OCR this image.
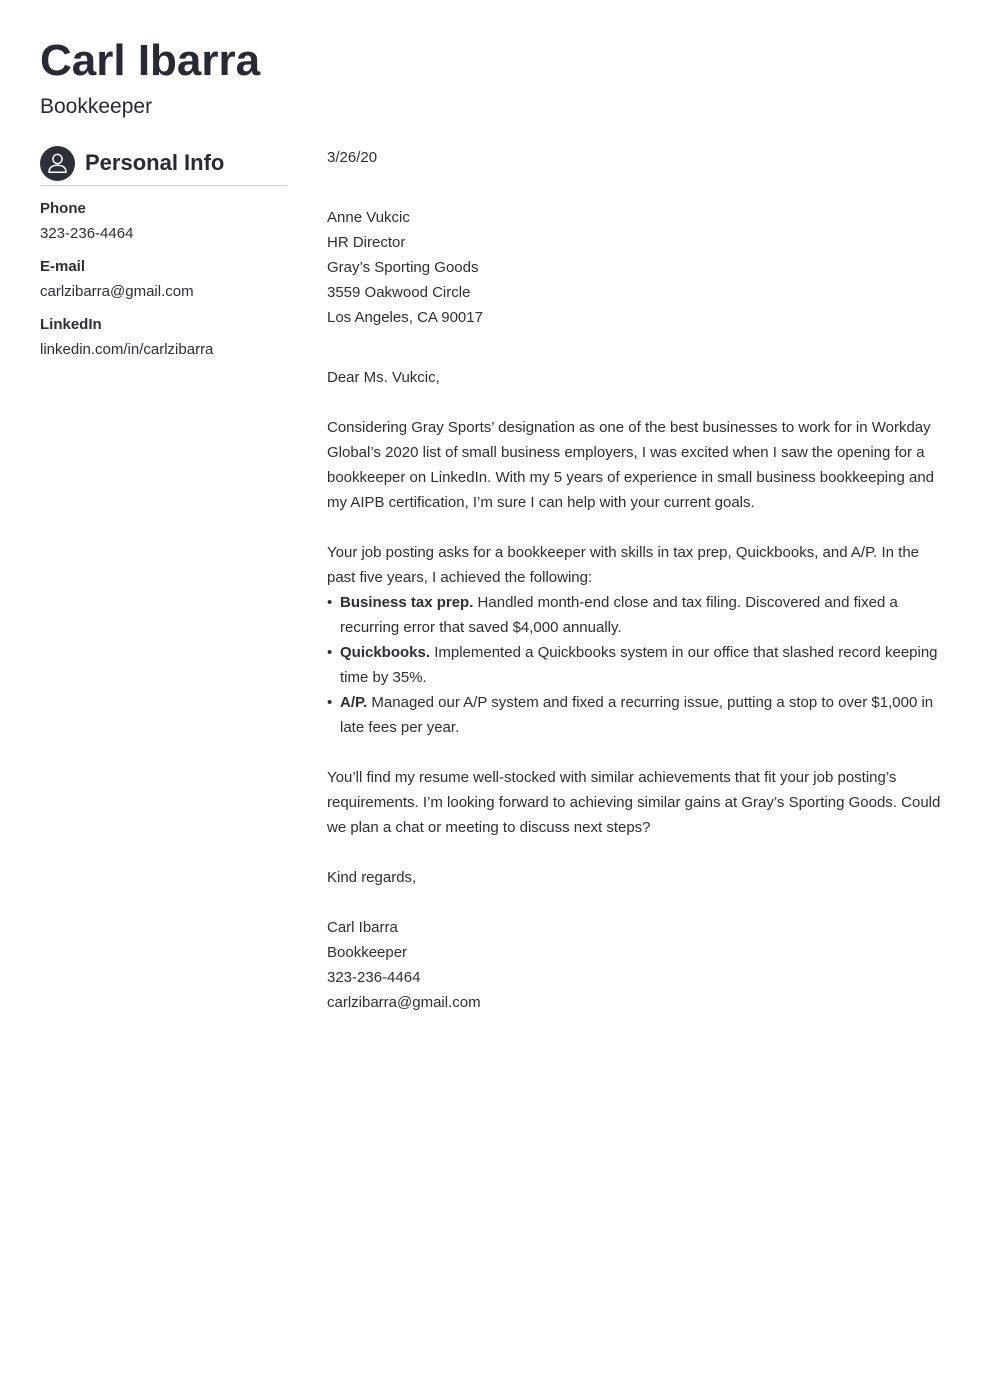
Carl Ibarra
Bookkeeper
Personal Info
Phone
323-236-4464
E-mail
carlzibarra@gmail.com
LinkedIn
linkedin.com/in/carlzibarra
3/26/20
Anne Vukcic
HR Director
Gray’s Sporting Goods
3559 Oakwood Circle
Los Angeles, CA 90017
Dear Ms. Vukcic,

Considering Gray Sports’ designation as one of the best businesses to work for in Workday Global’s 2020 list of small business employers, I was excited when I saw the opening for a bookkeeper on LinkedIn. With my 5 years of experience in small business bookkeeping and my AIPB certification, I’m sure I can help with your current goals.

Your job posting asks for a bookkeeper with skills in tax prep, Quickbooks, and A/P. In the past five years, I achieved the following:

• Business tax prep. Handled month-end close and tax filing. Discovered and fixed a recurring error that saved $4,000 annually.
• Quickbooks. Implemented a Quickbooks system in our office that slashed record keeping time by 35%.
• A/P. Managed our A/P system and fixed a recurring issue, putting a stop to over $1,000 in late fees per year.

You’ll find my resume well-stocked with similar achievements that fit your job posting’s requirements. I’m looking forward to achieving similar gains at Gray’s Sporting Goods. Could we plan a chat or meeting to discuss next steps?

Kind regards,
Carl Ibarra
Bookkeeper
323-236-4464
carlzibarra@gmail.com
